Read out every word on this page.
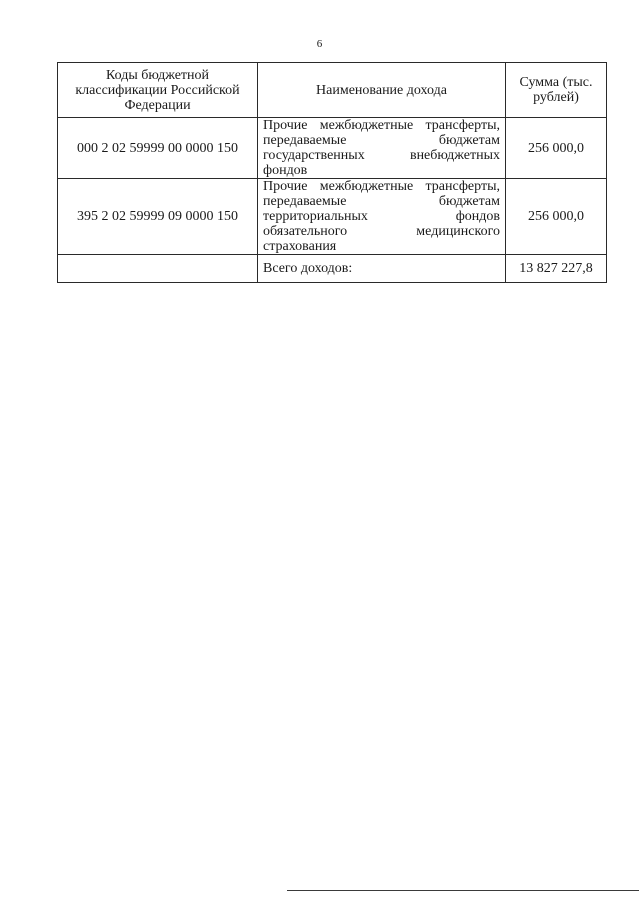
6
Коды бюджетной классификации Российской Федерации	Наименование дохода	Сумма (тыс. рублей)
000 2 02 59999 00 0000 150	Прочие межбюджетные трансферты, передаваемые бюджетам государственных внебюджетных фондов	256 000,0
395 2 02 59999 09 0000 150	Прочие межбюджетные трансферты, передаваемые бюджетам территориальных фондов обязательного медицинского страхования	256 000,0
	Всего доходов:	13 827 227,8
